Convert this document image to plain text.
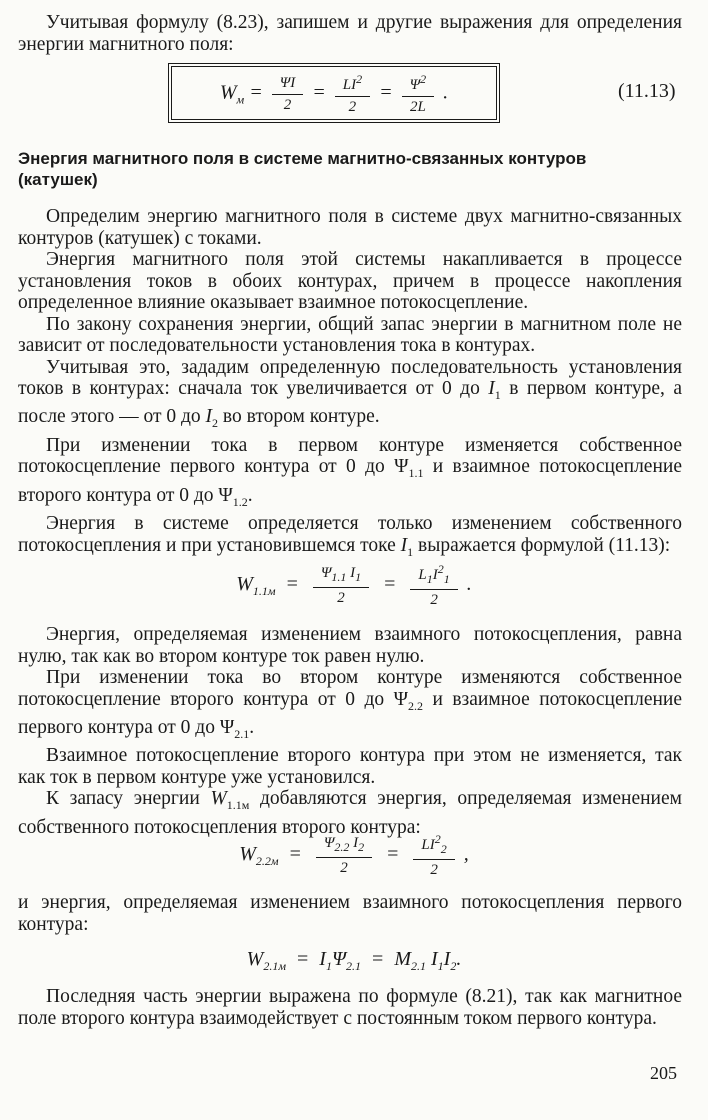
Учитывая формулу (8.23), запишем и другие выражения для определения энергии магнитного поля:

$W_м = \frac{\Psi I}{2} = \frac{LI^2}{2} = \frac{\Psi^2}{2L}$ .	(11.13)
Энергия магнитного поля в системе магнитно-связанных контуров (катушек)

Определим энергию магнитного поля в системе двух магнитно-связанных контуров (катушек) с токами.

Энергия магнитного поля этой системы накапливается в процессе установления токов в обоих контурах, причем в процессе накопления определенное влияние оказывает взаимное потокосцепление.

По закону сохранения энергии, общий запас энергии в магнитном поле не зависит от последовательности установления тока в контурах.

Учитывая это, зададим определенную последовательность установления токов в контурах: сначала ток увеличивается от 0 до $I_1$ в первом контуре, а после этого — от 0 до $I_2$ во втором контуре.

При изменении тока в первом контуре изменяется собственное потокосцепление первого контура от 0 до $\Psi_{1.1}$ и взаимное потокосцепление второго контура от 0 до $\Psi_{1.2}$.

Энергия в системе определяется только изменением собственного потокосцепления и при установившемся токе $I_1$ выражается формулой (11.13):

$W_{1.1м} = \frac{\Psi_{1.1} I_1}{2} = \frac{L_1I^2_1}{2}$ .

Энергия, определяемая изменением взаимного потокосцепления, равна нулю, так как во втором контуре ток равен нулю.

При изменении тока во втором контуре изменяются собственное потокосцепление второго контура от 0 до $\Psi_{2.2}$ и взаимное потокосцепление первого контура от 0 до $\Psi_{2.1}$.

Взаимное потокосцепление второго контура при этом не изменяется, так как ток в первом контуре уже установился.

К запасу энергии $W_{1.1м}$ добавляются энергия, определяемая изменением собственного потокосцепления второго контура:

$W_{2.2м} = \frac{\Psi_{2.2} I_2}{2} = \frac{LI^2_2}{2}$ ,

и энергия, определяемая изменением взаимного потокосцепления первого контура:

$W_{2.1м} = I_1\Psi_{2.1} = M_{2.1}$ $I_1I_2$.

Последняя часть энергии выражена по формуле (8.21), так как магнитное поле второго контура взаимодействует с постоянным током первого контура.

205
